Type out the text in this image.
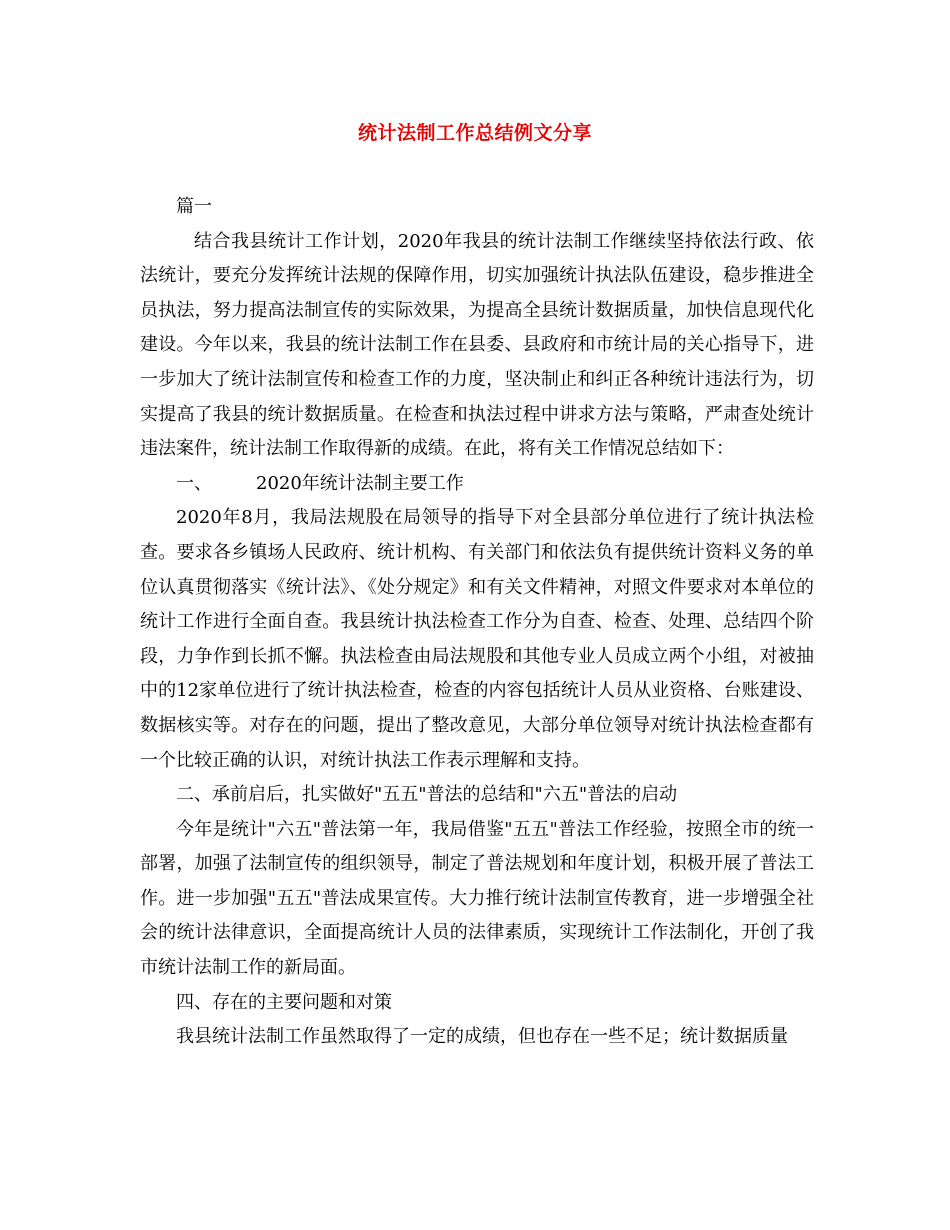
统计法制工作总结例文分享

篇一

结合我县统计工作计划，2020年我县的统计法制工作继续坚持依法行政、依法统计，要充分发挥统计法规的保障作用，切实加强统计执法队伍建设，稳步推进全员执法，努力提高法制宣传的实际效果，为提高全县统计数据质量，加快信息现代化建设。今年以来，我县的统计法制工作在县委、县政府和市统计局的关心指导下，进一步加大了统计法制宣传和检查工作的力度，坚决制止和纠正各种统计违法行为，切实提高了我县的统计数据质量。在检查和执法过程中讲求方法与策略，严肃查处统计违法案件，统计法制工作取得新的成绩。在此，将有关工作情况总结如下：

一、 2020年统计法制主要工作

2020年8月，我局法规股在局领导的指导下对全县部分单位进行了统计执法检查。要求各乡镇场人民政府、统计机构、有关部门和依法负有提供统计资料义务的单位认真贯彻落实《统计法》、《处分规定》和有关文件精神，对照文件要求对本单位的统计工作进行全面自查。我县统计执法检查工作分为自查、检查、处理、总结四个阶段，力争作到长抓不懈。执法检查由局法规股和其他专业人员成立两个小组，对被抽中的12家单位进行了统计执法检查，检查的内容包括统计人员从业资格、台账建设、数据核实等。对存在的问题，提出了整改意见，大部分单位领导对统计执法检查都有一个比较正确的认识，对统计执法工作表示理解和支持。

二、承前启后，扎实做好"五五"普法的总结和"六五"普法的启动

今年是统计"六五"普法第一年，我局借鉴"五五"普法工作经验，按照全市的统一部署，加强了法制宣传的组织领导，制定了普法规划和年度计划，积极开展了普法工作。进一步加强"五五"普法成果宣传。大力推行统计法制宣传教育，进一步增强全社会的统计法律意识，全面提高统计人员的法律素质，实现统计工作法制化，开创了我市统计法制工作的新局面。

四、存在的主要问题和对策

我县统计法制工作虽然取得了一定的成绩，但也存在一些不足；统计数据质量
